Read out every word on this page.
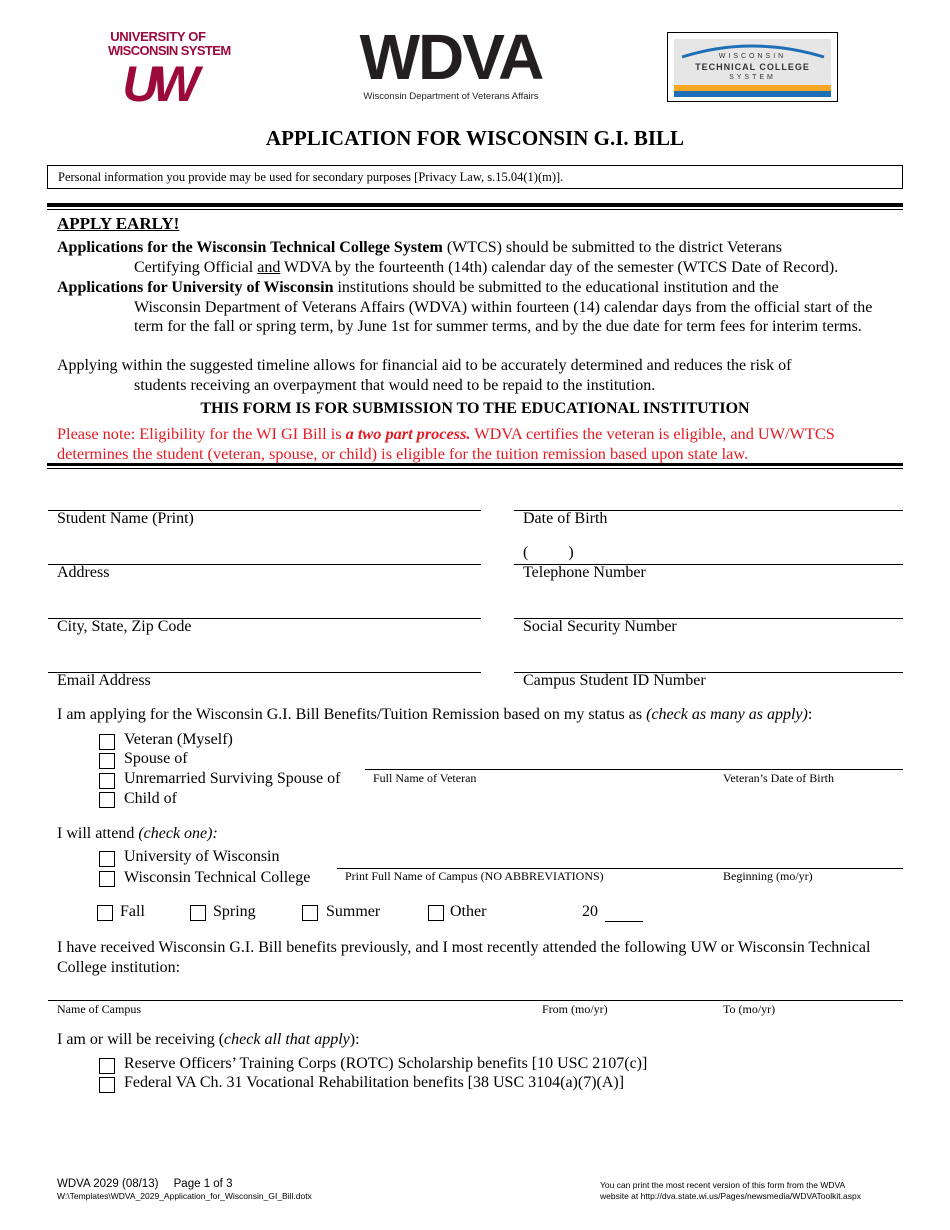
UNIVERSITY OF
WISCONSIN SYSTEM
UW	WDVA
Wisconsin Department of Veterans Affairs
WISCONSIN
TECHNICAL COLLEGE
SYSTEM
APPLICATION FOR WISCONSIN G.I. BILL
Personal information you provide may be used for secondary purposes [Privacy Law, s.15.04(1)(m)].
APPLY EARLY!
Applications for the Wisconsin Technical College System (WTCS) should be submitted to the district Veterans
Certifying Official and WDVA by the fourteenth (14th) calendar day of the semester (WTCS Date of Record).
Applications for University of Wisconsin institutions should be submitted to the educational institution and the
Wisconsin Department of Veterans Affairs (WDVA) within fourteen (14) calendar days from the official start of the term for the fall or spring term, by June 1st for summer terms, and by the due date for term fees for interim terms.
Applying within the suggested timeline allows for financial aid to be accurately determined and reduces the risk of
students receiving an overpayment that would need to be repaid to the institution.
THIS FORM IS FOR SUBMISSION TO THE EDUCATIONAL INSTITUTION
Please note: Eligibility for the WI GI Bill is a two part process. WDVA certifies the veteran is eligible, and UW/WTCS determines the student (veteran, spouse, or child) is eligible for the tuition remission based upon state law.
Student Name (Print)	Date of Birth
(          )
Address	Telephone Number
City, State, Zip Code	Social Security Number
Email Address	Campus Student ID Number
I am applying for the Wisconsin G.I. Bill Benefits/Tuition Remission based on my status as (check as many as apply):
Veteran (Myself)
Spouse of
Unremarried Surviving Spouse of
Child of
Full Name of Veteran	Veteran’s Date of Birth
I will attend (check one):
University of Wisconsin
Wisconsin Technical College	Print Full Name of Campus (NO ABBREVIATIONS)	Beginning (mo/yr)
Fall	Spring	Summer	Other	20
I have received Wisconsin G.I. Bill benefits previously, and I most recently attended the following UW or Wisconsin Technical College institution:
Name of Campus	From (mo/yr)	To (mo/yr)
I am or will be receiving (check all that apply):
Reserve Officers’ Training Corps (ROTC) Scholarship benefits [10 USC 2107(c)]
Federal VA Ch. 31 Vocational Rehabilitation benefits [38 USC 3104(a)(7)(A)]
WDVA 2029 (08/13) Page 1 of 3
W:\Templates\WDVA_2029_Application_for_Wisconsin_GI_Bill.dotx
You can print the most recent version of this form from the WDVA
website at http://dva.state.wi.us/Pages/newsmedia/WDVAToolkit.aspx
